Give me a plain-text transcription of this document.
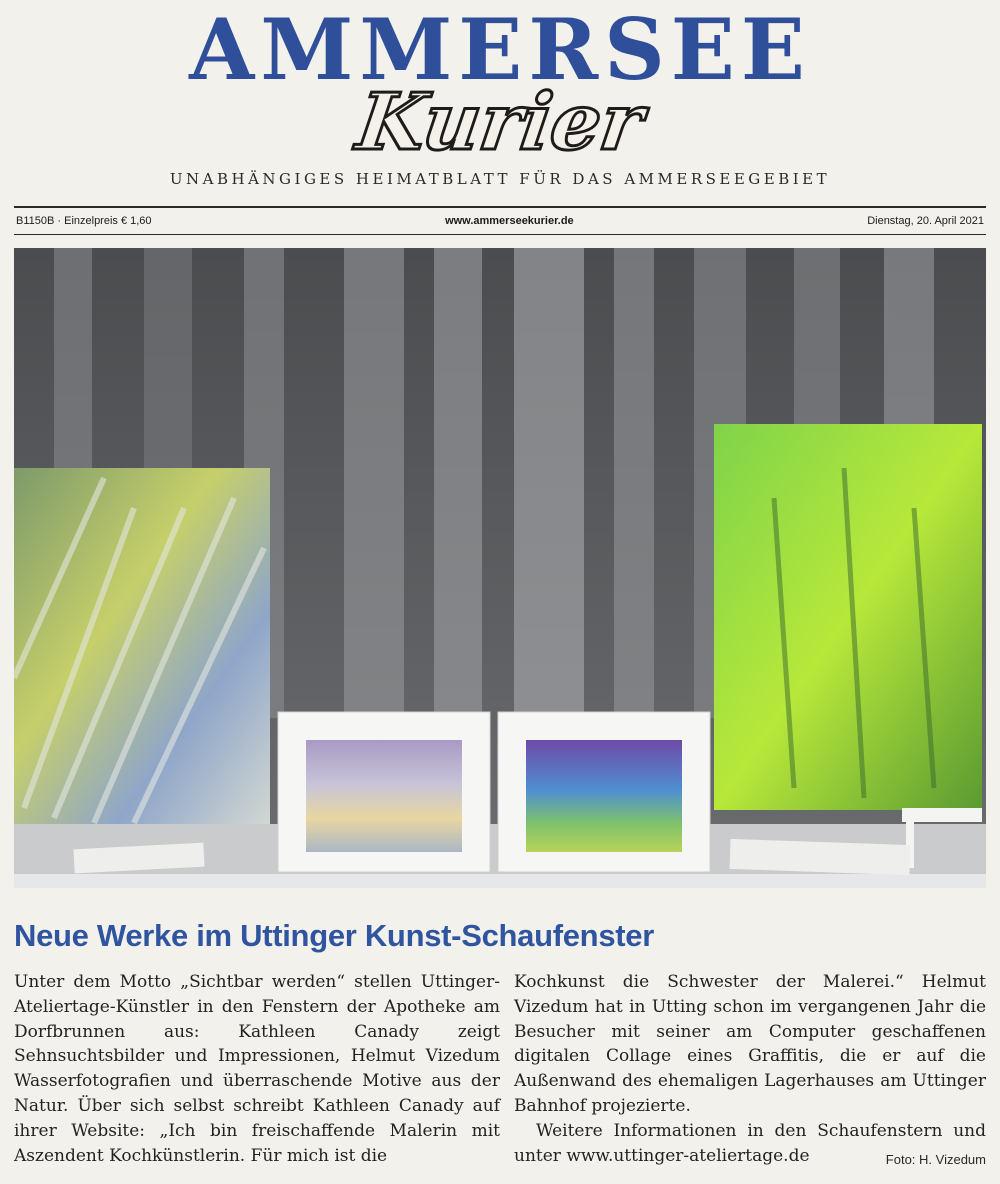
AMMERSEE
Kurier
UNABHÄNGIGES HEIMATBLATT FÜR DAS AMMERSEEGEBIET
B1150B · Einzelpreis € 1,60	www.ammerseekurier.de	Dienstag, 20. April 2021
Neue Werke im Uttinger Kunst-Schaufenster

Unter dem Motto „Sichtbar werden“ stellen Uttinger-Ateliertage-Künstler in den Fenstern der Apotheke am Dorfbrunnen aus: Kathleen Canady zeigt Sehnsuchtsbilder und Impressionen, Helmut Vizedum Wasserfotografien und überraschende Motive aus der Natur. Über sich selbst schreibt Kathleen Canady auf ihrer Website: „Ich bin freischaffende Malerin mit Aszendent Kochkünstlerin. Für mich ist die

Kochkunst die Schwester der Malerei.“ Helmut Vizedum hat in Utting schon im vergangenen Jahr die Besucher mit seiner am Computer geschaffenen digitalen Collage eines Graffitis, die er auf die Außenwand des ehemaligen Lagerhauses am Uttinger Bahnhof projezierte.

Weitere Informationen in den Schaufenstern und unter www.uttinger-ateliertage.de	Foto: H. Vizedum
